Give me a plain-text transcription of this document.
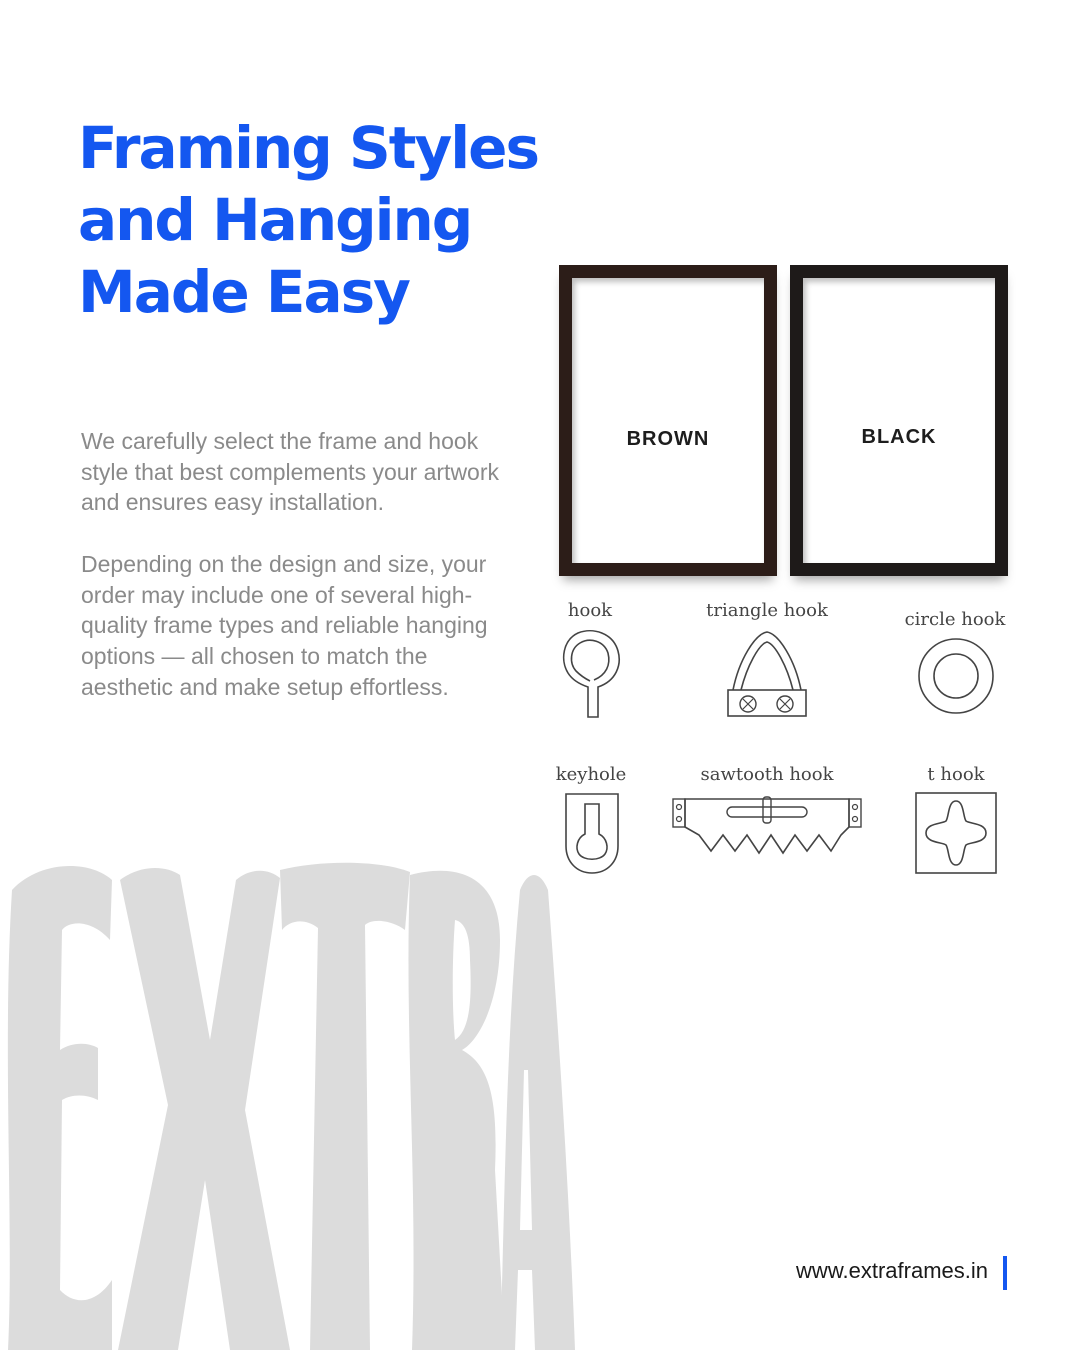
Framing Styles and Hanging Made Easy

We carefully select the frame and hook style that best complements your artwork and ensures easy installation.

Depending on the design and size, your order may include one of several high-quality frame types and reliable hanging options — all chosen to match the aesthetic and make setup effortless.

BROWN	BLACK
hook	triangle hook	circle hook
keyhole	sawtooth hook	t hook
www.extraframes.in
